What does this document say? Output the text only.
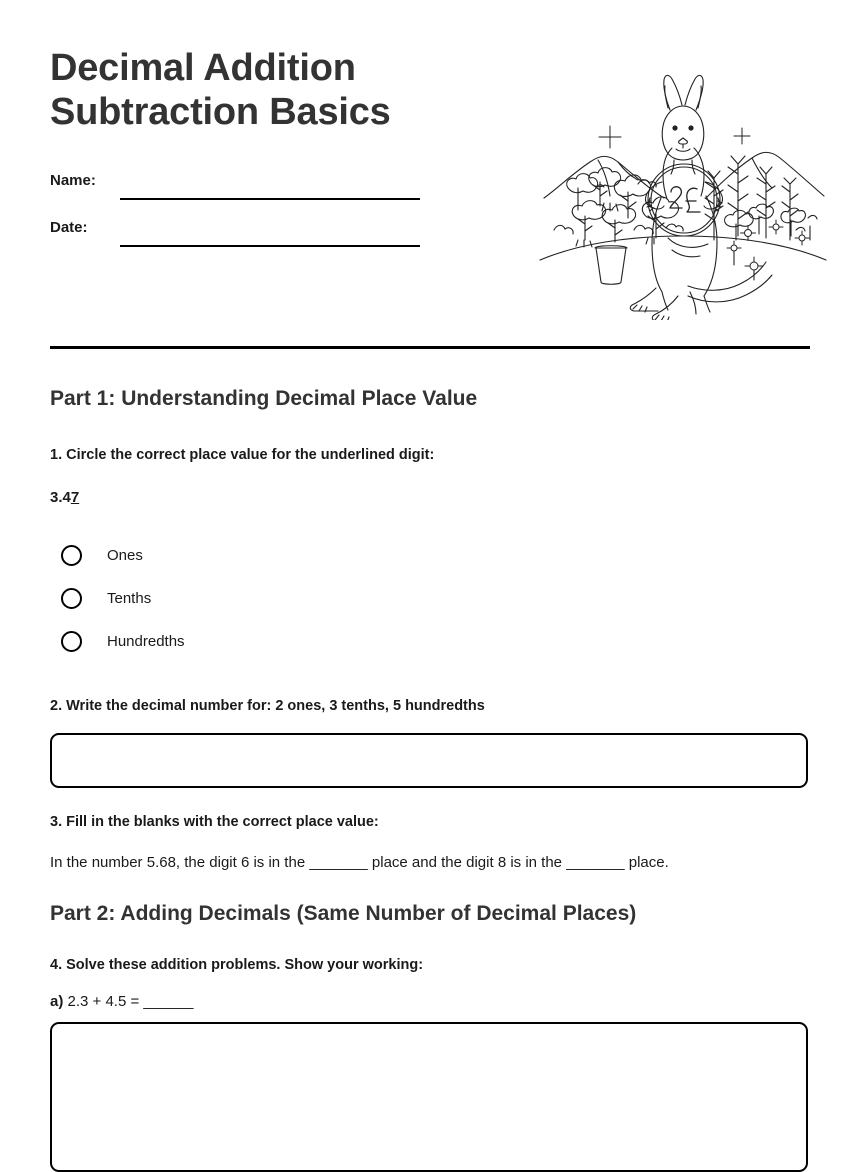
Decimal Addition
Subtraction Basics
Name:
Date:
Part 1: Understanding Decimal Place Value

1. Circle the correct place value for the underlined digit:

3.47

Ones
Tenths
Hundredths

2. Write the decimal number for: 2 ones, 3 tenths, 5 hundredths

3. Fill in the blanks with the correct place value:

In the number 5.68, the digit 6 is in the _______ place and the digit 8 is in the _______ place.

Part 2: Adding Decimals (Same Number of Decimal Places)

4. Solve these addition problems. Show your working:

a) 2.3 + 4.5 = ______
